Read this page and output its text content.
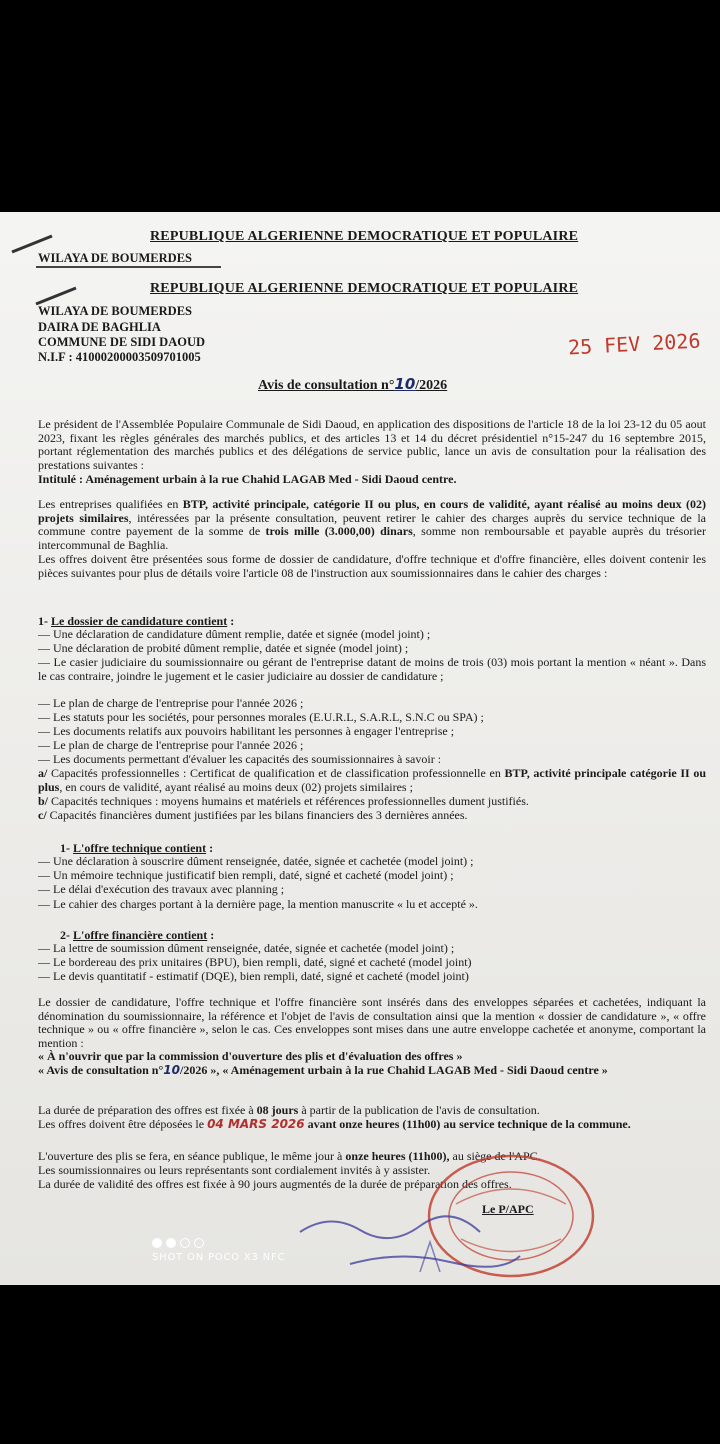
REPUBLIQUE ALGERIENNE DEMOCRATIQUE ET POPULAIRE
WILAYA DE BOUMERDES
REPUBLIQUE ALGERIENNE DEMOCRATIQUE ET POPULAIRE
WILAYA DE BOUMERDES
DAIRA DE BAGHLIA
COMMUNE DE SIDI DAOUD
N.I.F : 41000200003509701005	25 FEV 2026
Avis de consultation n°10/2026
Le président de l'Assemblée Populaire Communale de Sidi Daoud, en application des dispositions de l'article 18 de la loi 23-12 du 05 aout 2023, fixant les règles générales des marchés publics, et des articles 13 et 14 du décret présidentiel n°15-247 du 16 septembre 2015, portant réglementation des marchés publics et des délégations de service public, lance un avis de consultation pour la réalisation des prestations suivantes :
Intitulé : Aménagement urbain à la rue Chahid LAGAB Med - Sidi Daoud centre.
Les entreprises qualifiées en BTP, activité principale, catégorie II ou plus, en cours de validité, ayant réalisé au moins deux (02) projets similaires, intéressées par la présente consultation, peuvent retirer le cahier des charges auprès du service technique de la commune contre payement de la somme de trois mille (3.000,00) dinars, somme non remboursable et payable auprès du trésorier intercommunal de Baghlia.
Les offres doivent être présentées sous forme de dossier de candidature, d'offre technique et d'offre financière, elles doivent contenir les pièces suivantes pour plus de détails voire l'article 08 de l'instruction aux soumissionnaires dans le cahier des charges :
1- Le dossier de candidature contient :
— Une déclaration de candidature dûment remplie, datée et signée (model joint) ;
— Une déclaration de probité dûment remplie, datée et signée (model joint) ;
— Le casier judiciaire du soumissionnaire ou gérant de l'entreprise datant de moins de trois (03) mois portant la mention « néant ». Dans le cas contraire, joindre le jugement et le casier judiciaire au dossier de candidature ;
— Le plan de charge de l'entreprise pour l'année 2026 ;
— Les statuts pour les sociétés, pour personnes morales (E.U.R.L, S.A.R.L, S.N.C ou SPA) ;
— Les documents relatifs aux pouvoirs habilitant les personnes à engager l'entreprise ;
— Le plan de charge de l'entreprise pour l'année 2026 ;
— Les documents permettant d'évaluer les capacités des soumissionnaires à savoir :
a/ Capacités professionnelles : Certificat de qualification et de classification professionnelle en BTP, activité principale catégorie II ou plus, en cours de validité, ayant réalisé au moins deux (02) projets similaires ;
b/ Capacités techniques : moyens humains et matériels et références professionnelles dument justifiés.
c/ Capacités financières dument justifiées par les bilans financiers des 3 dernières années.
1- L'offre technique contient :
— Une déclaration à souscrire dûment renseignée, datée, signée et cachetée (model joint) ;
— Un mémoire technique justificatif bien rempli, daté, signé et cacheté (model joint) ;
— Le délai d'exécution des travaux avec planning ;
— Le cahier des charges portant à la dernière page, la mention manuscrite « lu et accepté ».
2- L'offre financière contient :
— La lettre de soumission dûment renseignée, datée, signée et cachetée (model joint) ;
— Le bordereau des prix unitaires (BPU), bien rempli, daté, signé et cacheté (model joint)
— Le devis quantitatif - estimatif (DQE), bien rempli, daté, signé et cacheté (model joint)
Le dossier de candidature, l'offre technique et l'offre financière sont insérés dans des enveloppes séparées et cachetées, indiquant la dénomination du soumissionnaire, la référence et l'objet de l'avis de consultation ainsi que la mention « dossier de candidature », « offre technique » ou « offre financière », selon le cas. Ces enveloppes sont mises dans une autre enveloppe cachetée et anonyme, comportant la mention :
« À n'ouvrir que par la commission d'ouverture des plis et d'évaluation des offres »
« Avis de consultation n°10/2026 », « Aménagement urbain à la rue Chahid LAGAB Med - Sidi Daoud centre »
La durée de préparation des offres est fixée à 08 jours à partir de la publication de l'avis de consultation.
Les offres doivent être déposées le 04 MARS 2026 avant onze heures (11h00) au service technique de la commune.
L'ouverture des plis se fera, en séance publique, le même jour à onze heures (11h00), au siège de l'APC.
Les soumissionnaires ou leurs représentants sont cordialement invités à y assister.
La durée de validité des offres est fixée à 90 jours augmentés de la durée de préparation des offres.
Le P/APC
SHOT ON POCO X3 NFC
